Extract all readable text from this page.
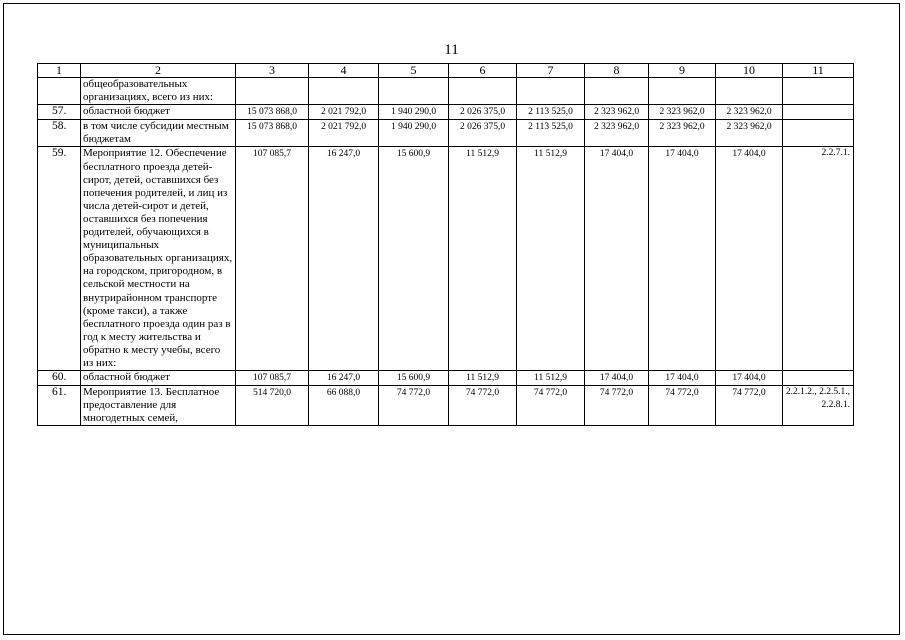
11
1	2	3	4	5	6	7	8	9	10	11
	общеобразовательных организациях, всего из них:									
57.	областной бюджет	15 073 868,0	2 021 792,0	1 940 290,0	2 026 375,0	2 113 525,0	2 323 962,0	2 323 962,0	2 323 962,0	
58.	в том числе субсидии местным бюджетам	15 073 868,0	2 021 792,0	1 940 290,0	2 026 375,0	2 113 525,0	2 323 962,0	2 323 962,0	2 323 962,0	
59.	Мероприятие 12. Обеспечение бесплатного проезда детей-сирот, детей, оставшихся без попечения родителей, и лиц из числа детей-сирот и детей, оставшихся без попечения родителей, обучающихся в муниципальных образовательных организациях, на городском, пригородном, в сельской местности на внутрирайонном транспорте (кроме такси), а также бесплатного проезда один раз в год к месту жительства и обратно к месту учебы, всего из них:	107 085,7	16 247,0	15 600,9	11 512,9	11 512,9	17 404,0	17 404,0	17 404,0	2.2.7.1.
60.	областной бюджет	107 085,7	16 247,0	15 600,9	11 512,9	11 512,9	17 404,0	17 404,0	17 404,0	
61.	Мероприятие 13. Бесплатное предоставление для многодетных семей,	514 720,0	66 088,0	74 772,0	74 772,0	74 772,0	74 772,0	74 772,0	74 772,0	2.2.1.2., 2.2.5.1., 2.2.8.1.
